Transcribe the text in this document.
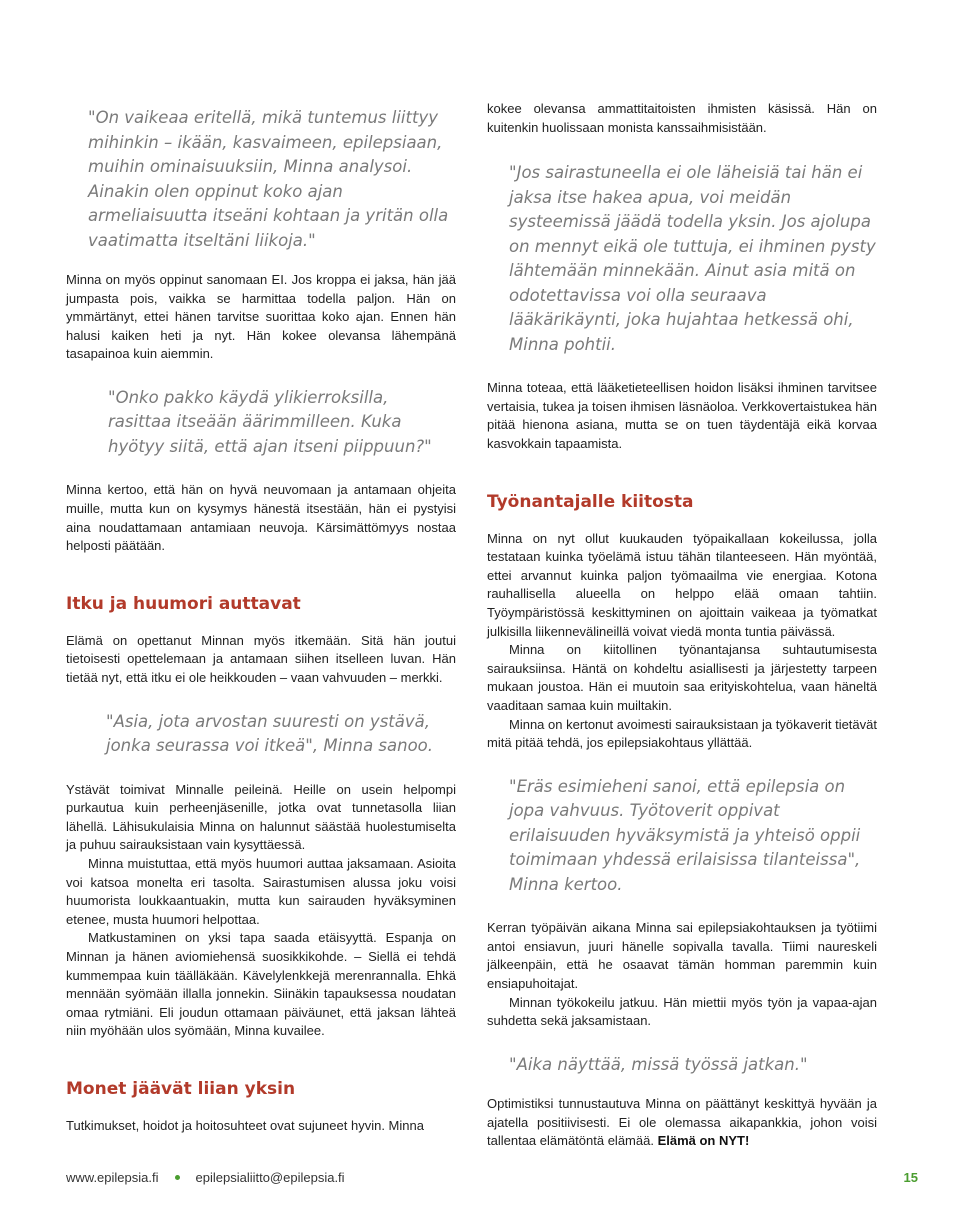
"On vaikeaa eritellä, mikä tuntemus liittyy mihinkin – ikään, kasvaimeen, epilepsiaan, muihin ominaisuuksiin, Minna analysoi. Ainakin olen oppinut koko ajan armeliaisuutta itseäni kohtaan ja yritän olla vaatimatta itseltäni liikoja."

Minna on myös oppinut sanomaan EI. Jos kroppa ei jaksa, hän jää jumpasta pois, vaikka se harmittaa todella paljon. Hän on ymmärtänyt, ettei hänen tarvitse suorittaa koko ajan. Ennen hän halusi kaiken heti ja nyt. Hän kokee olevansa lähempänä tasapainoa kuin aiemmin.

"Onko pakko käydä ylikierroksilla, rasittaa itseään äärimmilleen. Kuka hyötyy siitä, että ajan itseni piippuun?"

Minna kertoo, että hän on hyvä neuvomaan ja antamaan ohjeita muille, mutta kun on kysymys hänestä itsestään, hän ei pystyisi aina noudattamaan antamiaan neuvoja. Kärsimättömyys nostaa helposti päätään.

Itku ja huumori auttavat

Elämä on opettanut Minnan myös itkemään. Sitä hän joutui tietoisesti opettelemaan ja antamaan siihen itselleen luvan. Hän tietää nyt, että itku ei ole heikkouden – vaan vahvuuden – merkki.

"Asia, jota arvostan suuresti on ystävä, jonka seurassa voi itkeä", Minna sanoo.

Ystävät toimivat Minnalle peileinä. Heille on usein helpompi purkautua kuin perheenjäsenille, jotka ovat tunnetasolla liian lähellä. Lähisukulaisia Minna on halunnut säästää huolestumiselta ja puhuu sairauksistaan vain kysyttäessä.

Minna muistuttaa, että myös huumori auttaa jaksamaan. Asioita voi katsoa monelta eri tasolta. Sairastumisen alussa joku voisi huumorista loukkaantuakin, mutta kun sairauden hyväksyminen etenee, musta huumori helpottaa.

Matkustaminen on yksi tapa saada etäisyyttä. Espanja on Minnan ja hänen aviomiehensä suosikkikohde. – Siellä ei tehdä kummempaa kuin täälläkään. Kävelylenkkejä merenrannalla. Ehkä mennään syömään illalla jonnekin. Siinäkin tapauksessa noudatan omaa rytmiäni. Eli joudun ottamaan päiväunet, että jaksan lähteä niin myöhään ulos syömään, Minna kuvailee.

Monet jäävät liian yksin

Tutkimukset, hoidot ja hoitosuhteet ovat sujuneet hyvin. Minna

kokee olevansa ammattitaitoisten ihmisten käsissä. Hän on kuitenkin huolissaan monista kanssaihmisistään.

"Jos sairastuneella ei ole läheisiä tai hän ei jaksa itse hakea apua, voi meidän systeemissä jäädä todella yksin. Jos ajolupa on mennyt eikä ole tuttuja, ei ihminen pysty lähtemään minnekään. Ainut asia mitä on odotettavissa voi olla seuraava lääkärikäynti, joka hujahtaa hetkessä ohi, Minna pohtii.

Minna toteaa, että lääketieteellisen hoidon lisäksi ihminen tarvitsee vertaisia, tukea ja toisen ihmisen läsnäoloa. Verkkovertaistukea hän pitää hienona asiana, mutta se on tuen täydentäjä eikä korvaa kasvokkain tapaamista.

Työnantajalle kiitosta

Minna on nyt ollut kuukauden työpaikallaan kokeilussa, jolla testataan kuinka työelämä istuu tähän tilanteeseen. Hän myöntää, ettei arvannut kuinka paljon työmaailma vie energiaa. Kotona rauhallisella alueella on helppo elää omaan tahtiin. Työympäristössä keskittyminen on ajoittain vaikeaa ja työmatkat julkisilla liikennevälineillä voivat viedä monta tuntia päivässä.

Minna on kiitollinen työnantajansa suhtautumisesta sairauksiinsa. Häntä on kohdeltu asiallisesti ja järjestetty tarpeen mukaan joustoa. Hän ei muutoin saa erityiskohtelua, vaan häneltä vaaditaan samaa kuin muiltakin.

Minna on kertonut avoimesti sairauksistaan ja työkaverit tietävät mitä pitää tehdä, jos epilepsiakohtaus yllättää.

"Eräs esimieheni sanoi, että epilepsia on jopa vahvuus. Työtoverit oppivat erilaisuuden hyväksymistä ja yhteisö oppii toimimaan yhdessä erilaisissa tilanteissa", Minna kertoo.

Kerran työpäivän aikana Minna sai epilepsiakohtauksen ja työtiimi antoi ensiavun, juuri hänelle sopivalla tavalla. Tiimi naureskeli jälkeenpäin, että he osaavat tämän homman paremmin kuin ensiapuhoitajat.

Minnan työkokeilu jatkuu. Hän miettii myös työn ja vapaa-ajan suhdetta sekä jaksamistaan.

"Aika näyttää, missä työssä jatkan."

Optimistiksi tunnustautuva Minna on päättänyt keskittyä hyvään ja ajatella positiivisesti. Ei ole olemassa aikapankkia, johon voisi tallentaa elämätöntä elämää. Elämä on NYT!

www.epilepsia.fi	epilepsialiitto@epilepsia.fi	15
